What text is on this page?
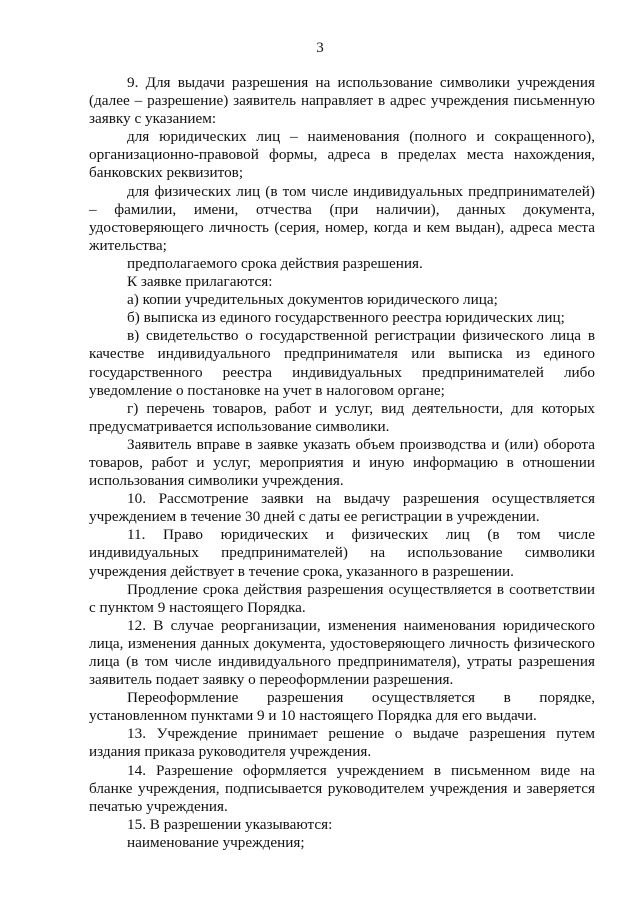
3

9. Для выдачи разрешения на использование символики учреждения (далее – разрешение) заявитель направляет в адрес учреждения письменную заявку с указанием:

для юридических лиц – наименования (полного и сокращенного), организационно-правовой формы, адреса в пределах места нахождения, банковских реквизитов;

для физических лиц (в том числе индивидуальных предпринимателей) – фамилии, имени, отчества (при наличии), данных документа, удостоверяющего личность (серия, номер, когда и кем выдан), адреса места жительства;

предполагаемого срока действия разрешения.

К заявке прилагаются:

а) копии учредительных документов юридического лица;

б) выписка из единого государственного реестра юридических лиц;

в) свидетельство о государственной регистрации физического лица в качестве индивидуального предпринимателя или выписка из единого государственного реестра индивидуальных предпринимателей либо уведомление о постановке на учет в налоговом органе;

г) перечень товаров, работ и услуг, вид деятельности, для которых предусматривается использование символики.

Заявитель вправе в заявке указать объем производства и (или) оборота товаров, работ и услуг, мероприятия и иную информацию в отношении использования символики учреждения.

10. Рассмотрение заявки на выдачу разрешения осуществляется учреждением в течение 30 дней с даты ее регистрации в учреждении.

11. Право юридических и физических лиц (в том числе индивидуальных предпринимателей) на использование символики учреждения действует в течение срока, указанного в разрешении.

Продление срока действия разрешения осуществляется в соответствии с пунктом 9 настоящего Порядка.

12. В случае реорганизации, изменения наименования юридического лица, изменения данных документа, удостоверяющего личность физического лица (в том числе индивидуального предпринимателя), утраты разрешения заявитель подает заявку о переоформлении разрешения.

Переоформление разрешения осуществляется в порядке, установленном пунктами 9 и 10 настоящего Порядка для его выдачи.

13. Учреждение принимает решение о выдаче разрешения путем издания приказа руководителя учреждения.

14. Разрешение оформляется учреждением в письменном виде на бланке учреждения, подписывается руководителем учреждения и заверяется печатью учреждения.

15. В разрешении указываются:

наименование учреждения;
